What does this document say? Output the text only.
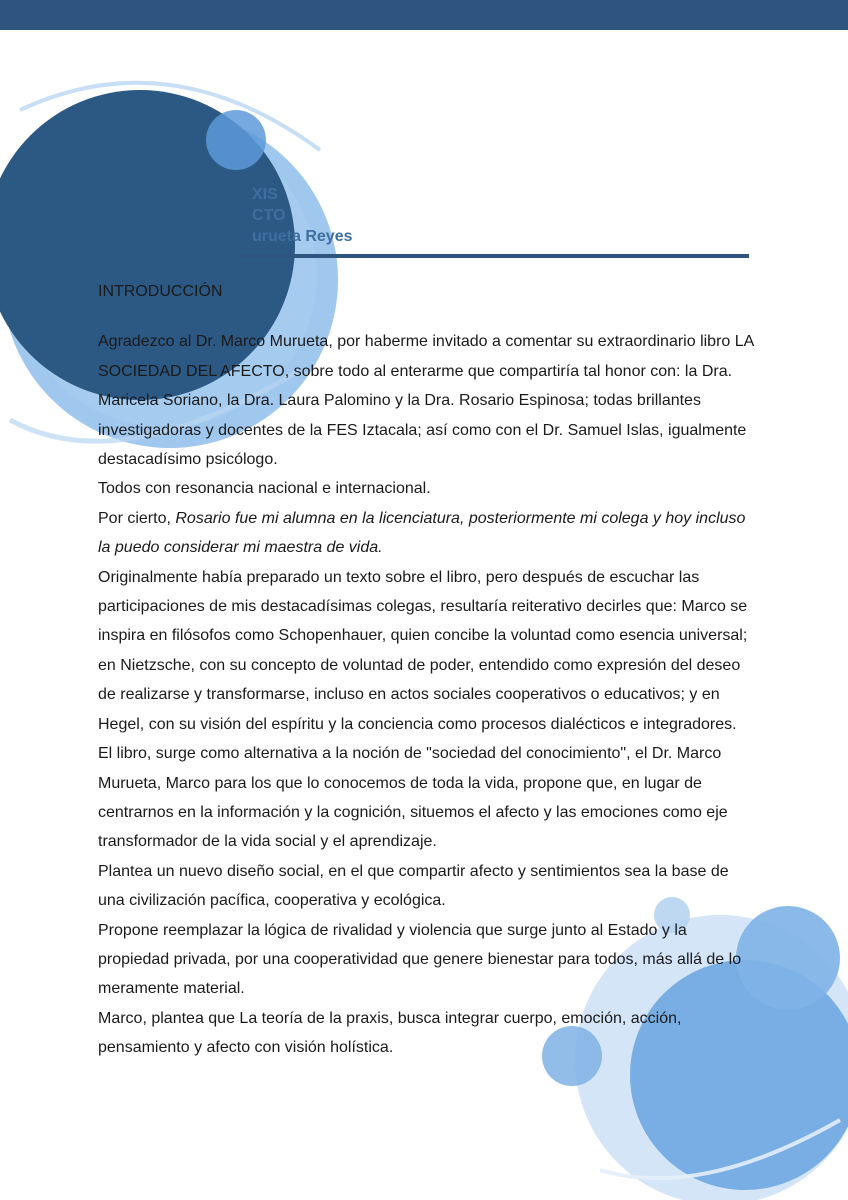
XIS
CTO
urueta Reyes

INTRODUCCIÓN

Agradezco al Dr. Marco Murueta, por haberme invitado a comentar su extraordinario libro LA SOCIEDAD DEL AFECTO, sobre todo al enterarme que compartiría tal honor con: la Dra. Maricela Soriano, la Dra. Laura Palomino y la Dra. Rosario Espinosa; todas brillantes investigadoras y docentes de la FES Iztacala; así como con el Dr. Samuel Islas, igualmente destacadísimo psicólogo.

Todos con resonancia nacional e internacional.

Por cierto, Rosario fue mi alumna en la licenciatura, posteriormente mi colega y hoy incluso la puedo considerar mi maestra de vida.

Originalmente había preparado un texto sobre el libro, pero después de escuchar las participaciones de mis destacadísimas colegas, resultaría reiterativo decirles que: Marco se inspira en filósofos como Schopenhauer, quien concibe la voluntad como esencia universal; en Nietzsche, con su concepto de voluntad de poder, entendido como expresión del deseo de realizarse y transformarse, incluso en actos sociales cooperativos o educativos; y en Hegel, con su visión del espíritu y la conciencia como procesos dialécticos e integradores.

El libro, surge como alternativa a la noción de "sociedad del conocimiento", el Dr. Marco Murueta, Marco para los que lo conocemos de toda la vida, propone que, en lugar de centrarnos en la información y la cognición, situemos el afecto y las emociones como eje transformador de la vida social y el aprendizaje.

Plantea un nuevo diseño social, en el que compartir afecto y sentimientos sea la base de una civilización pacífica, cooperativa y ecológica.

Propone reemplazar la lógica de rivalidad y violencia que surge junto al Estado y la propiedad privada, por una cooperatividad que genere bienestar para todos, más allá de lo meramente material.

Marco, plantea que La teoría de la praxis, busca integrar cuerpo, emoción, acción, pensamiento y afecto con visión holística.
